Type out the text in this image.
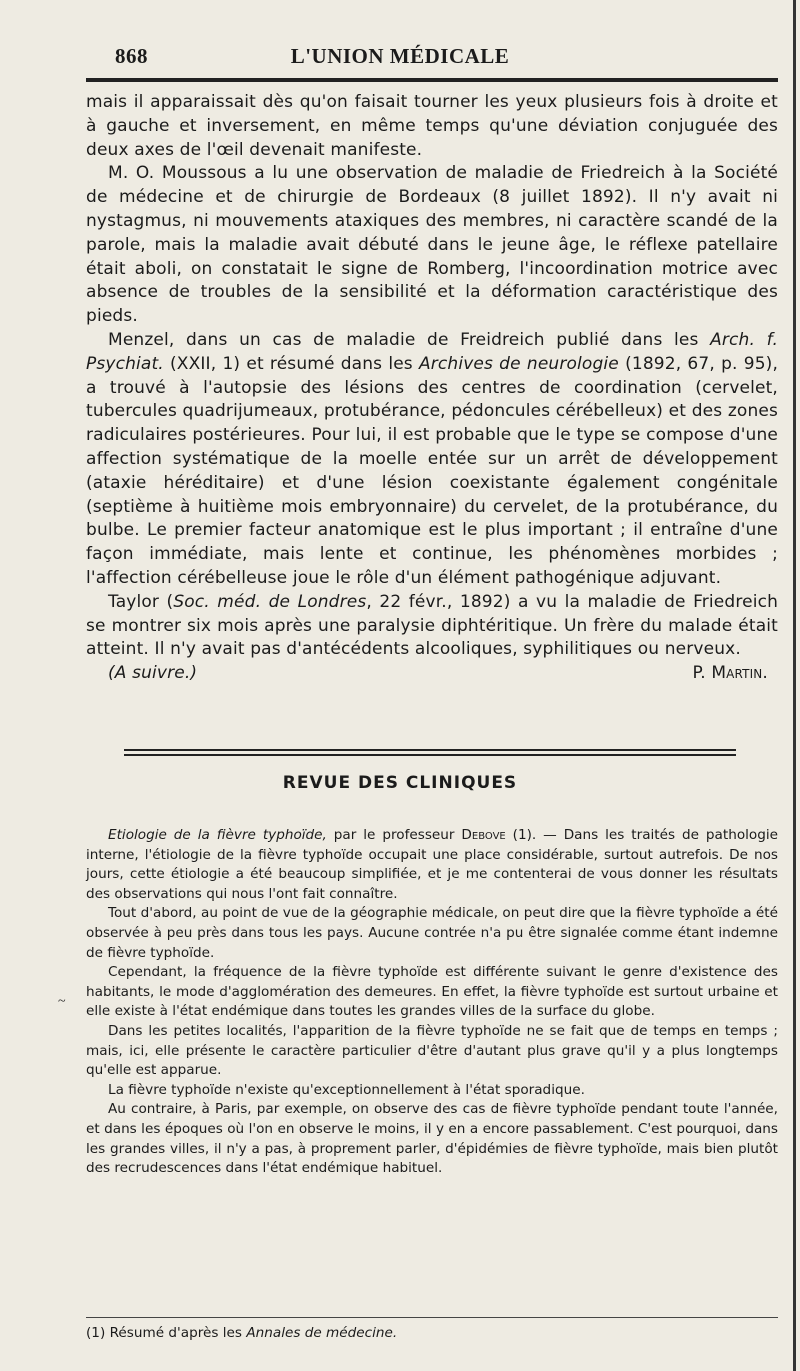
L'UNION MÉDICALE
868

mais il apparaissait dès qu'on faisait tourner les yeux plusieurs fois à droite et à gauche et inversement, en même temps qu'une déviation conjuguée des deux axes de l'œil devenait manifeste.

M. O. Moussous a lu une observation de maladie de Friedreich à la Société de médecine et de chirurgie de Bordeaux (8 juillet 1892). Il n'y avait ni nystagmus, ni mouvements ataxiques des membres, ni caractère scandé de la parole, mais la maladie avait débuté dans le jeune âge, le réflexe patellaire était aboli, on constatait le signe de Romberg, l'incoordination motrice avec absence de troubles de la sensibilité et la déformation caractéristique des pieds.

Menzel, dans un cas de maladie de Freidreich publié dans les Arch. f. Psychiat. (XXII, 1) et résumé dans les Archives de neurologie (1892, 67, p. 95), a trouvé à l'autopsie des lésions des centres de coordination (cervelet, tubercules quadrijumeaux, protubérance, pédoncules cérébelleux) et des zones radiculaires postérieures. Pour lui, il est probable que le type se compose d'une affection systématique de la moelle entée sur un arrêt de développement (ataxie héréditaire) et d'une lésion coexistante également congénitale (septième à huitième mois embryonnaire) du cervelet, de la protubérance, du bulbe. Le premier facteur anatomique est le plus important ; il entraîne d'une façon immédiate, mais lente et continue, les phénomènes morbides ; l'affection cérébelleuse joue le rôle d'un élément pathogénique adjuvant.

Taylor (Soc. méd. de Londres, 22 févr., 1892) a vu la maladie de Friedreich se montrer six mois après une paralysie diphtéritique. Un frère du malade était atteint. Il n'y avait pas d'antécédents alcooliques, syphilitiques ou nerveux.

(A suivre.)	P. Martin.
REVUE DES CLINIQUES

Etiologie de la fièvre typhoïde, par le professeur Debove (1). — Dans les traités de pathologie interne, l'étiologie de la fièvre typhoïde occupait une place considérable, surtout autrefois. De nos jours, cette étiologie a été beaucoup simplifiée, et je me contenterai de vous donner les résultats des observations qui nous l'ont fait connaître.

Tout d'abord, au point de vue de la géographie médicale, on peut dire que la fièvre typhoïde a été observée à peu près dans tous les pays. Aucune contrée n'a pu être signalée comme étant indemne de fièvre typhoïde.

Cependant, la fréquence de la fièvre typhoïde est différente suivant le genre d'existence des habitants, le mode d'agglomération des demeures. En effet, la fièvre typhoïde est surtout urbaine et elle existe à l'état endémique dans toutes les grandes villes de la surface du globe.

Dans les petites localités, l'apparition de la fièvre typhoïde ne se fait que de temps en temps ; mais, ici, elle présente le caractère particulier d'être d'autant plus grave qu'il y a plus longtemps qu'elle est apparue.

La fièvre typhoïde n'existe qu'exceptionnellement à l'état sporadique.

Au contraire, à Paris, par exemple, on observe des cas de fièvre typhoïde pendant toute l'année, et dans les époques où l'on en observe le moins, il y en a encore passablement. C'est pourquoi, dans les grandes villes, il n'y a pas, à proprement parler, d'épidémies de fièvre typhoïde, mais bien plutôt des recrudescences dans l'état endémique habituel.

~
(1) Résumé d'après les Annales de médecine.
